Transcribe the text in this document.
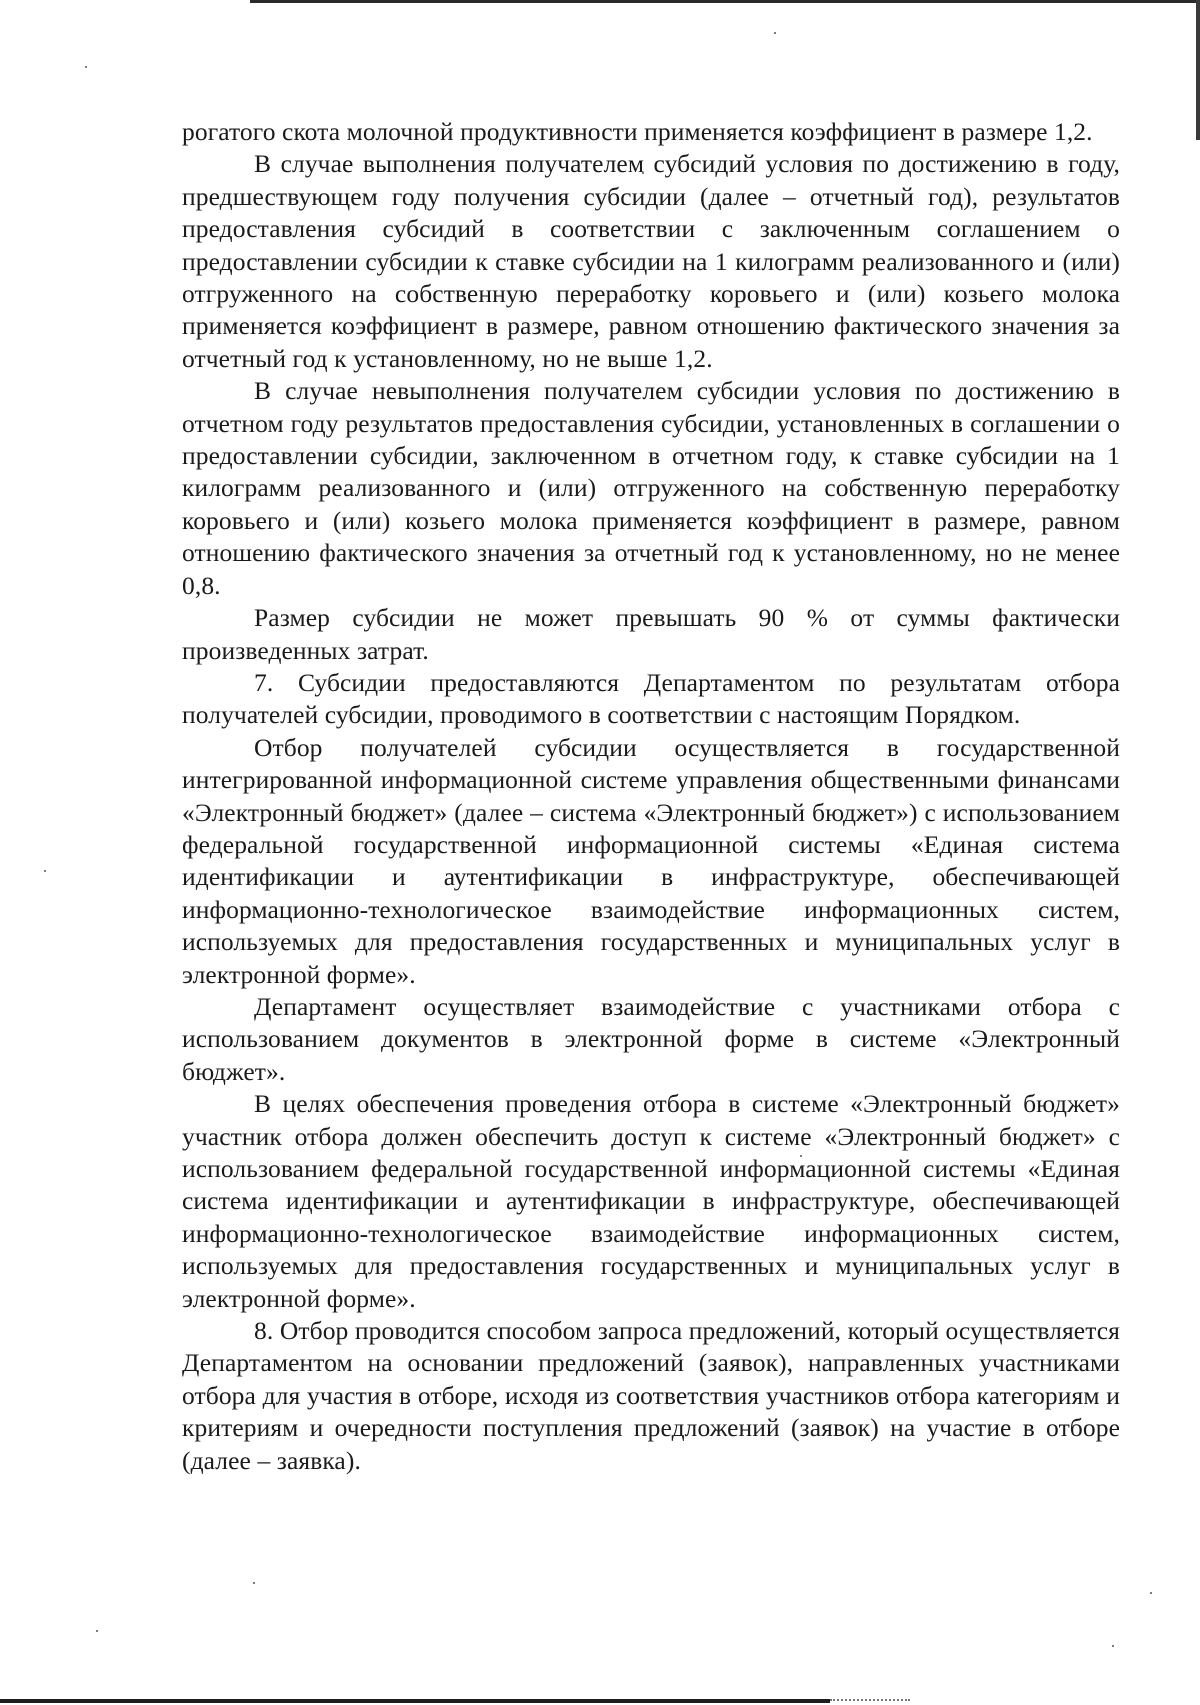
рогатого скота молочной продуктивности применяется коэффициент в размере 1,2.

В случае выполнения получателем субсидий условия по достижению в году, предшествующем году получения субсидии (далее – отчетный год), результатов предоставления субсидий в соответствии с заключенным соглашением о предоставлении субсидии к ставке субсидии на 1 килограмм реализованного и (или) отгруженного на собственную переработку коровьего и (или) козьего молока применяется коэффициент в размере, равном отношению фактического значения за отчетный год к установленному, но не выше 1,2.

В случае невыполнения получателем субсидии условия по достижению в отчетном году результатов предоставления субсидии, установленных в соглашении о предоставлении субсидии, заключенном в отчетном году, к ставке субсидии на 1 килограмм реализованного и (или) отгруженного на собственную переработку коровьего и (или) козьего молока применяется коэффициент в размере, равном отношению фактического значения за отчетный год к установленному, но не менее 0,8.

Размер субсидии не может превышать 90 % от суммы фактически произведенных затрат.

7. Субсидии предоставляются Департаментом по результатам отбора получателей субсидии, проводимого в соответствии с настоящим Порядком.

Отбор получателей субсидии осуществляется в государственной интегрированной информационной системе управления общественными финансами «Электронный бюджет» (далее – система «Электронный бюджет») с использованием федеральной государственной информационной системы «Единая система идентификации и аутентификации в инфраструктуре, обеспечивающей информационно-технологическое взаимодействие информационных систем, используемых для предоставления государственных и муниципальных услуг в электронной форме».

Департамент осуществляет взаимодействие с участниками отбора с использованием документов в электронной форме в системе «Электронный бюджет».

В целях обеспечения проведения отбора в системе «Электронный бюджет» участник отбора должен обеспечить доступ к системе «Электронный бюджет» с использованием федеральной государственной информационной системы «Единая система идентификации и аутентификации в инфраструктуре, обеспечивающей информационно-технологическое взаимодействие информационных систем, используемых для предоставления государственных и муниципальных услуг в электронной форме».

8. Отбор проводится способом запроса предложений, который осуществляется Департаментом на основании предложений (заявок), направленных участниками отбора для участия в отборе, исходя из соответствия участников отбора категориям и критериям и очередности поступления предложений (заявок) на участие в отборе (далее – заявка).
